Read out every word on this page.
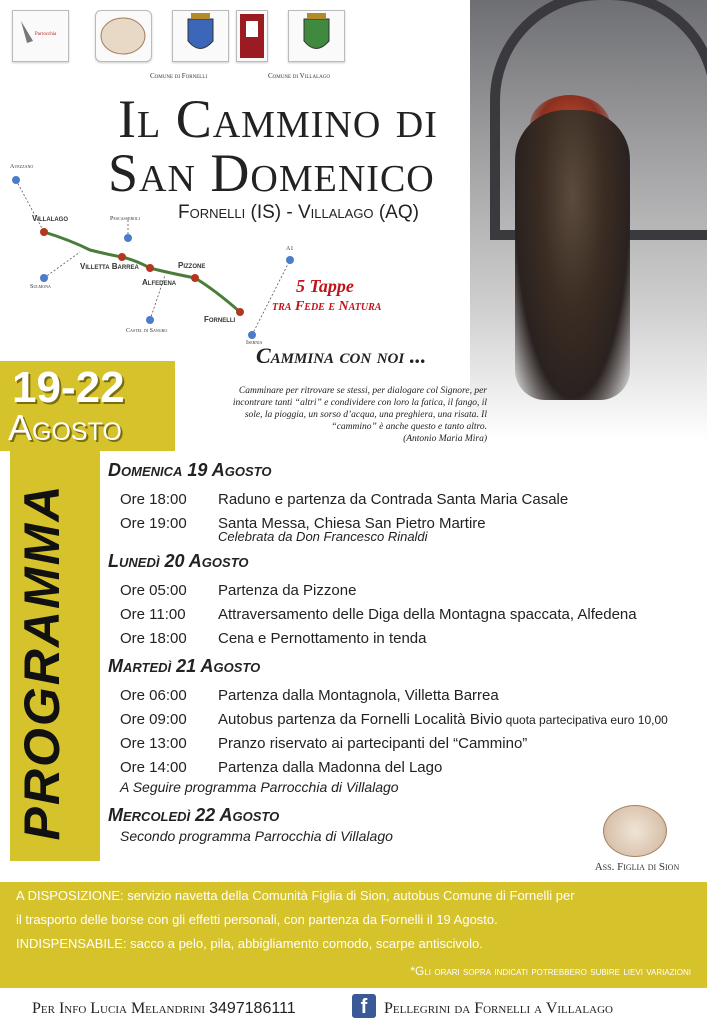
Parrocchia
Comune di Fornelli	Comune di Villalago
Il Cammino di
San Domenico
Fornelli (IS) - Villalago (AQ)
Avezzano
Villalago	Pescasseroli
Villetta Barrea
Sulmona	Alfedena
Pizzone
Castel di Sangro
Fornelli
Isernia
A1
5 Tappe
tra Fede e Natura
Cammina con noi ...
Camminare per ritrovare se stessi, per dialogare col Signore, per incontrare tanti “altri” e condividere con loro la fatica, il fango, il sole, la pioggia, un sorso d’acqua, una preghiera, una risata. Il “cammino” è anche questo e tanto altro.
(Antonio Maria Mira)
19-22
Agosto
PROGRAMMA
Domenica 19 Agosto
Ore 18:00	Raduno e partenza da Contrada Santa Maria Casale
Ore 19:00	Santa Messa, Chiesa San Pietro Martire
Celebrata da Don Francesco Rinaldi
Lunedì 20 Agosto
Ore 05:00	Partenza da Pizzone
Ore 11:00	Attraversamento delle Diga della Montagna spaccata, Alfedena
Ore 18:00	Cena e Pernottamento in tenda
Martedì 21 Agosto
Ore 06:00	Partenza dalla Montagnola, Villetta Barrea
Ore 09:00	Autobus partenza da Fornelli Località Bivio quota partecipativa euro 10,00
Ore 13:00	Pranzo riservato ai partecipanti del “Cammino”
Ore 14:00	Partenza dalla Madonna del Lago
A Seguire programma Parrocchia di Villalago
Mercoledì 22 Agosto
Secondo programma Parrocchia di Villalago
Ass. Figlia di Sion
A DISPOSIZIONE: servizio navetta della Comunità Figlia di Sion, autobus Comune di Fornelli per
il trasporto delle borse con gli effetti personali, con partenza da Fornelli il 19 Agosto.
INDISPENSABILE: sacco a pelo, pila, abbigliamento comodo, scarpe antiscivolo.
*Gli orari sopra indicati potrebbero subire lievi variazioni
Per Info Lucia Melandrini 3497186111	f	Pellegrini da Fornelli a Villalago
